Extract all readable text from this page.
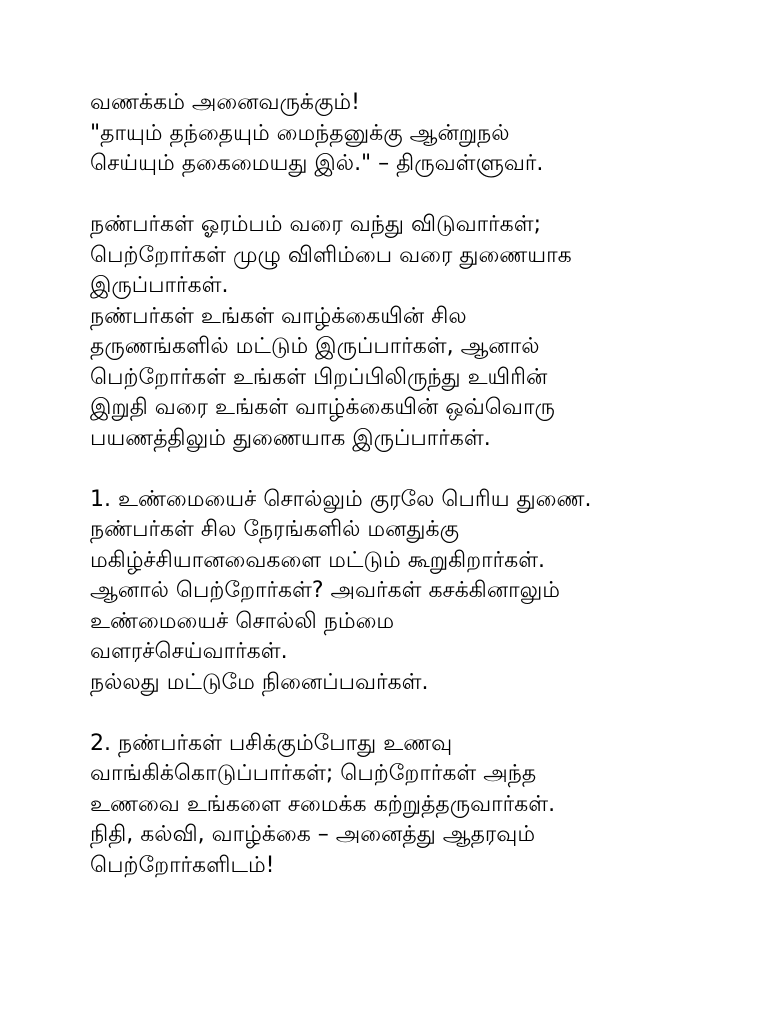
வணக்கம் அனைவருக்கும்!
"தாயும் தந்தையும் மைந்தனுக்கு ஆன்றுநல்
செய்யும் தகைமையது இல்." – திருவள்ளுவர்.
நண்பர்கள் ஓரம்பம் வரை வந்து விடுவார்கள்;
பெற்றோர்கள் முழு விளிம்பை வரை துணையாக
இருப்பார்கள்.
நண்பர்கள் உங்கள் வாழ்க்கையின் சில
தருணங்களில் மட்டும் இருப்பார்கள், ஆனால்
பெற்றோர்கள் உங்கள் பிறப்பிலிருந்து உயிரின்
இறுதி வரை உங்கள் வாழ்க்கையின் ஒவ்வொரு
பயணத்திலும் துணையாக இருப்பார்கள்.
1. உண்மையைச் சொல்லும் குரலே பெரிய துணை.
நண்பர்கள் சில நேரங்களில் மனதுக்கு
மகிழ்ச்சியானவைகளை மட்டும் கூறுகிறார்கள்.
ஆனால் பெற்றோர்கள்? அவர்கள் கசக்கினாலும்
உண்மையைச் சொல்லி நம்மை
வளரச்செய்வார்கள்.
நல்லது மட்டுமே நினைப்பவர்கள்.
2. நண்பர்கள் பசிக்கும்போது உணவு
வாங்கிக்கொடுப்பார்கள்; பெற்றோர்கள் அந்த
உணவை உங்களை சமைக்க கற்றுத்தருவார்கள்.
நிதி, கல்வி, வாழ்க்கை – அனைத்து ஆதரவும்
பெற்றோர்களிடம்!
